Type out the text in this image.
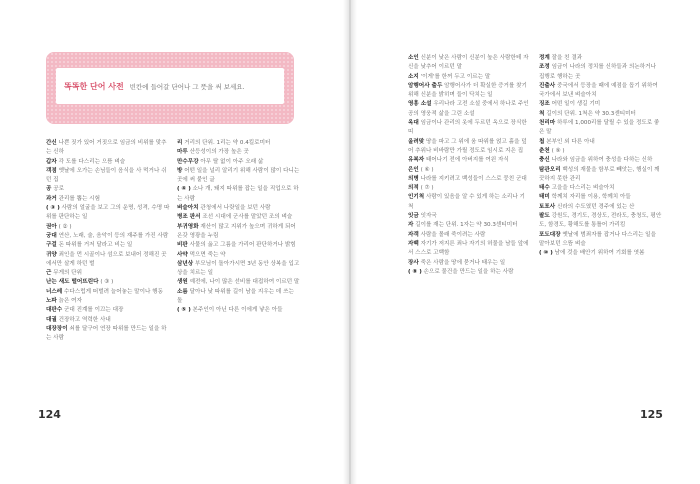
똑똑한 단어 사전 빈칸에 들어갈 단어나 그 뜻을 써 보세요.

간신 나쁜 짓가 있어 거짓으로 임금의 비위를 맞추는 신하

갑자 각 도를 다스리는 으뜸 벼슬

객점 옛날에 오가는 손님들이 음식을 사 먹거나 쉬던 집

공 공로

과거 관리를 뽑는 시험

( ③ ) 사람의 얼굴을 보고 그의 운명, 성격, 수명 따위를 판단하는 일

권아 ( ② )

궁대 연산, 노래, 술, 음악이 등의 재주를 가진 사람

구걸 돈 따위를 거저 달라고 비는 일

귀양 죄인을 먼 시골이나 섬으로 보내어 정해진 곳에서만 살게 하던 벌

근 무게의 단위

난는 새도 떨어뜨린다 ( ③ )

너스레 수다스럽게 떠벌려 늘어놓는 말이나 행동

노파 늙은 여자

대판수 군대 진계를 이끄는 대장

대궐 건장하고 역력한 사내

대장장이 쇠를 달구어 연장 따위를 만드는 일을 하는 사람

리 거리의 단위. 1리는 약 0.4킬로미터

마루 산등성이의 가장 높은 곳

만수무강 아무 탈 없이 아주 오래 삶

방 어떤 일을 널리 알리기 위해 사람이 많이 다니는 곳에 써 붙인 글

( ④ ) 소나 개, 돼지 따위를 잡는 일을 직업으로 하는 사람

벼슬아치 관청에서 나랏일을 보던 사람

병조 판서 조선 시대에 군사를 맡았던 조의 벼슬

부귀영화 재산이 많고 지위가 높으며 귀하게 되어 온갖 영광을 누림

비판 사물의 옳고 그름을 가리어 판단하거나 밝힘

사약 먹으면 죽는 약

삼년상 부모님이 돌아가시면 3년 동안 상복을 입고 상을 치르는 일

생원 예전에, 나이 많은 선비를 대접하여 이르던 말

소름 달아나 낮 따위를 길이 남을 지우는 데 쓰는 돌

( ⑤ ) 본주인이 아닌 다른 이에게 낳은 아들

124

소인 신분이 낮은 사람이 신분이 높은 사람한테 자신을 낮추어 이르던 말

소지 '이게'를 한꺼 두고 이르는 말

암행어사 출두 암행어사가 더 확실한 증거를 찾기 위해 신분을 밝히며 들이 닥치는 일

영흥 소설 우리나라 고전 소설 중에서 하나로 주인공의 영웅적 삶을 그린 소설

옥대 임금이나 관리의 옷에 두르던 옥으로 장식한 띠

올려맞 땅을 파고 그 위에 움 따위를 얹고 흙을 덮어 추위나 비바람만 가릴 정도로 임시로 지은 집

유복자 태어나기 전에 아버지를 여읜 자식

은인 ( ⑥ )

의병 나라를 지키려고 백성들이 스스로 뭉친 군대

의적 ( ⑦ )

인기척 사람이 있음을 알 수 있게 하는 소리나 기척

잇금 잇자국

자 길이를 재는 단위. 1자는 약 30.3센티미터

자객 사람을 몰래 죽이려는 사람

자백 자기가 저지른 죄나 자기의 허물을 남들 앞에서 스스로 고백함

장사 죽은 사람을 땅에 묻거나 태우는 일

( ⑧ ) 손으로 물건을 만드는 일을 하는 사람

정계 잘을 친 결과

조정 임금이 나라의 정치를 신하들과 의논하거나 집행로 행하는 곳

진출사 중국에서 등장을 때에 예점을 돕기 위하여 국가에서 보낸 벼슬아치

징조 어떤 일이 생길 기미

척 길이의 단위. 1척은 약 30.3센티미터

천리마 하루에 1,000리를 달릴 수 있을 정도로 좋은 말

첩 본부인 외 다른 아내

춘천 ( ⑨ )

충신 나라와 임금을 위하여 충성을 다하는 신하

탐관오리 백성의 재물을 함부로 빼앗는, 행실이 깨끗하지 못한 관리

태수 고을을 다스리는 벼슬아치

태미 학께치 자리를 이용, 학께치 아들

토포사 신라의 수도였던 경주에 있는 산

팔도 강원도, 경기도, 경상도, 전라도, 충청도, 평안도, 함경도, 황해도를 통틀어 가리킴

포도대장 옛날에 범죄자를 잡거나 다스리는 일을 맡아보던 으뜸 벼슬

( ⑩ ) 남에 것을 배안기 위하여 기회를 엿봄

125
